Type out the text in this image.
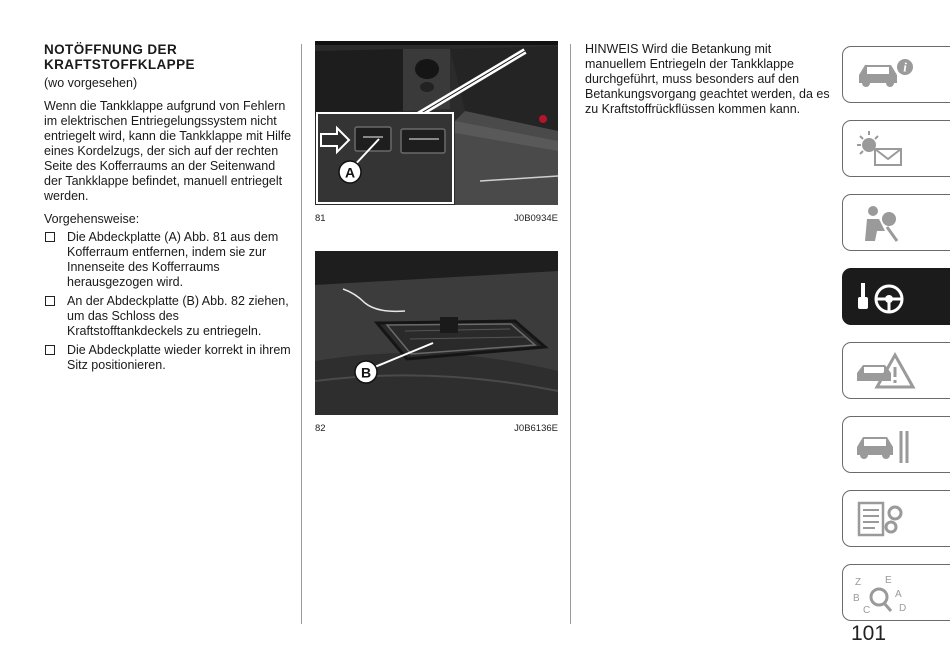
NOTÖFFNUNG DER
KRAFTSTOFFKLAPPE
(wo vorgesehen)
Wenn die Tankklappe aufgrund von Fehlern im elektrischen Entriegelungssystem nicht entriegelt wird, kann die Tankklappe mit Hilfe eines Kordelzugs, der sich auf der rechten Seite des Kofferraums an der Seitenwand der Tankklappe befindet, manuell entriegelt werden.
Vorgehensweise:
Die Abdeckplatte (A) Abb. 81 aus dem Kofferraum entfernen, indem sie zur Innenseite des Kofferraums herausgezogen wird.
An der Abdeckplatte (B) Abb. 82 ziehen, um das Schloss des Kraftstofftankdeckels zu entriegeln.
Die Abdeckplatte wieder korrekt in ihrem Sitz positionieren.
A
81	J0B0934E
B
82	J0B6136E
HINWEIS Wird die Betankung mit manuellem Entriegeln der Tankklappe durchgeführt, muss besonders auf den Betankungsvorgang geachtet werden, da es zu Kraftstoffrückflüssen kommen kann.
i
Z E
B	A
C	D
101
